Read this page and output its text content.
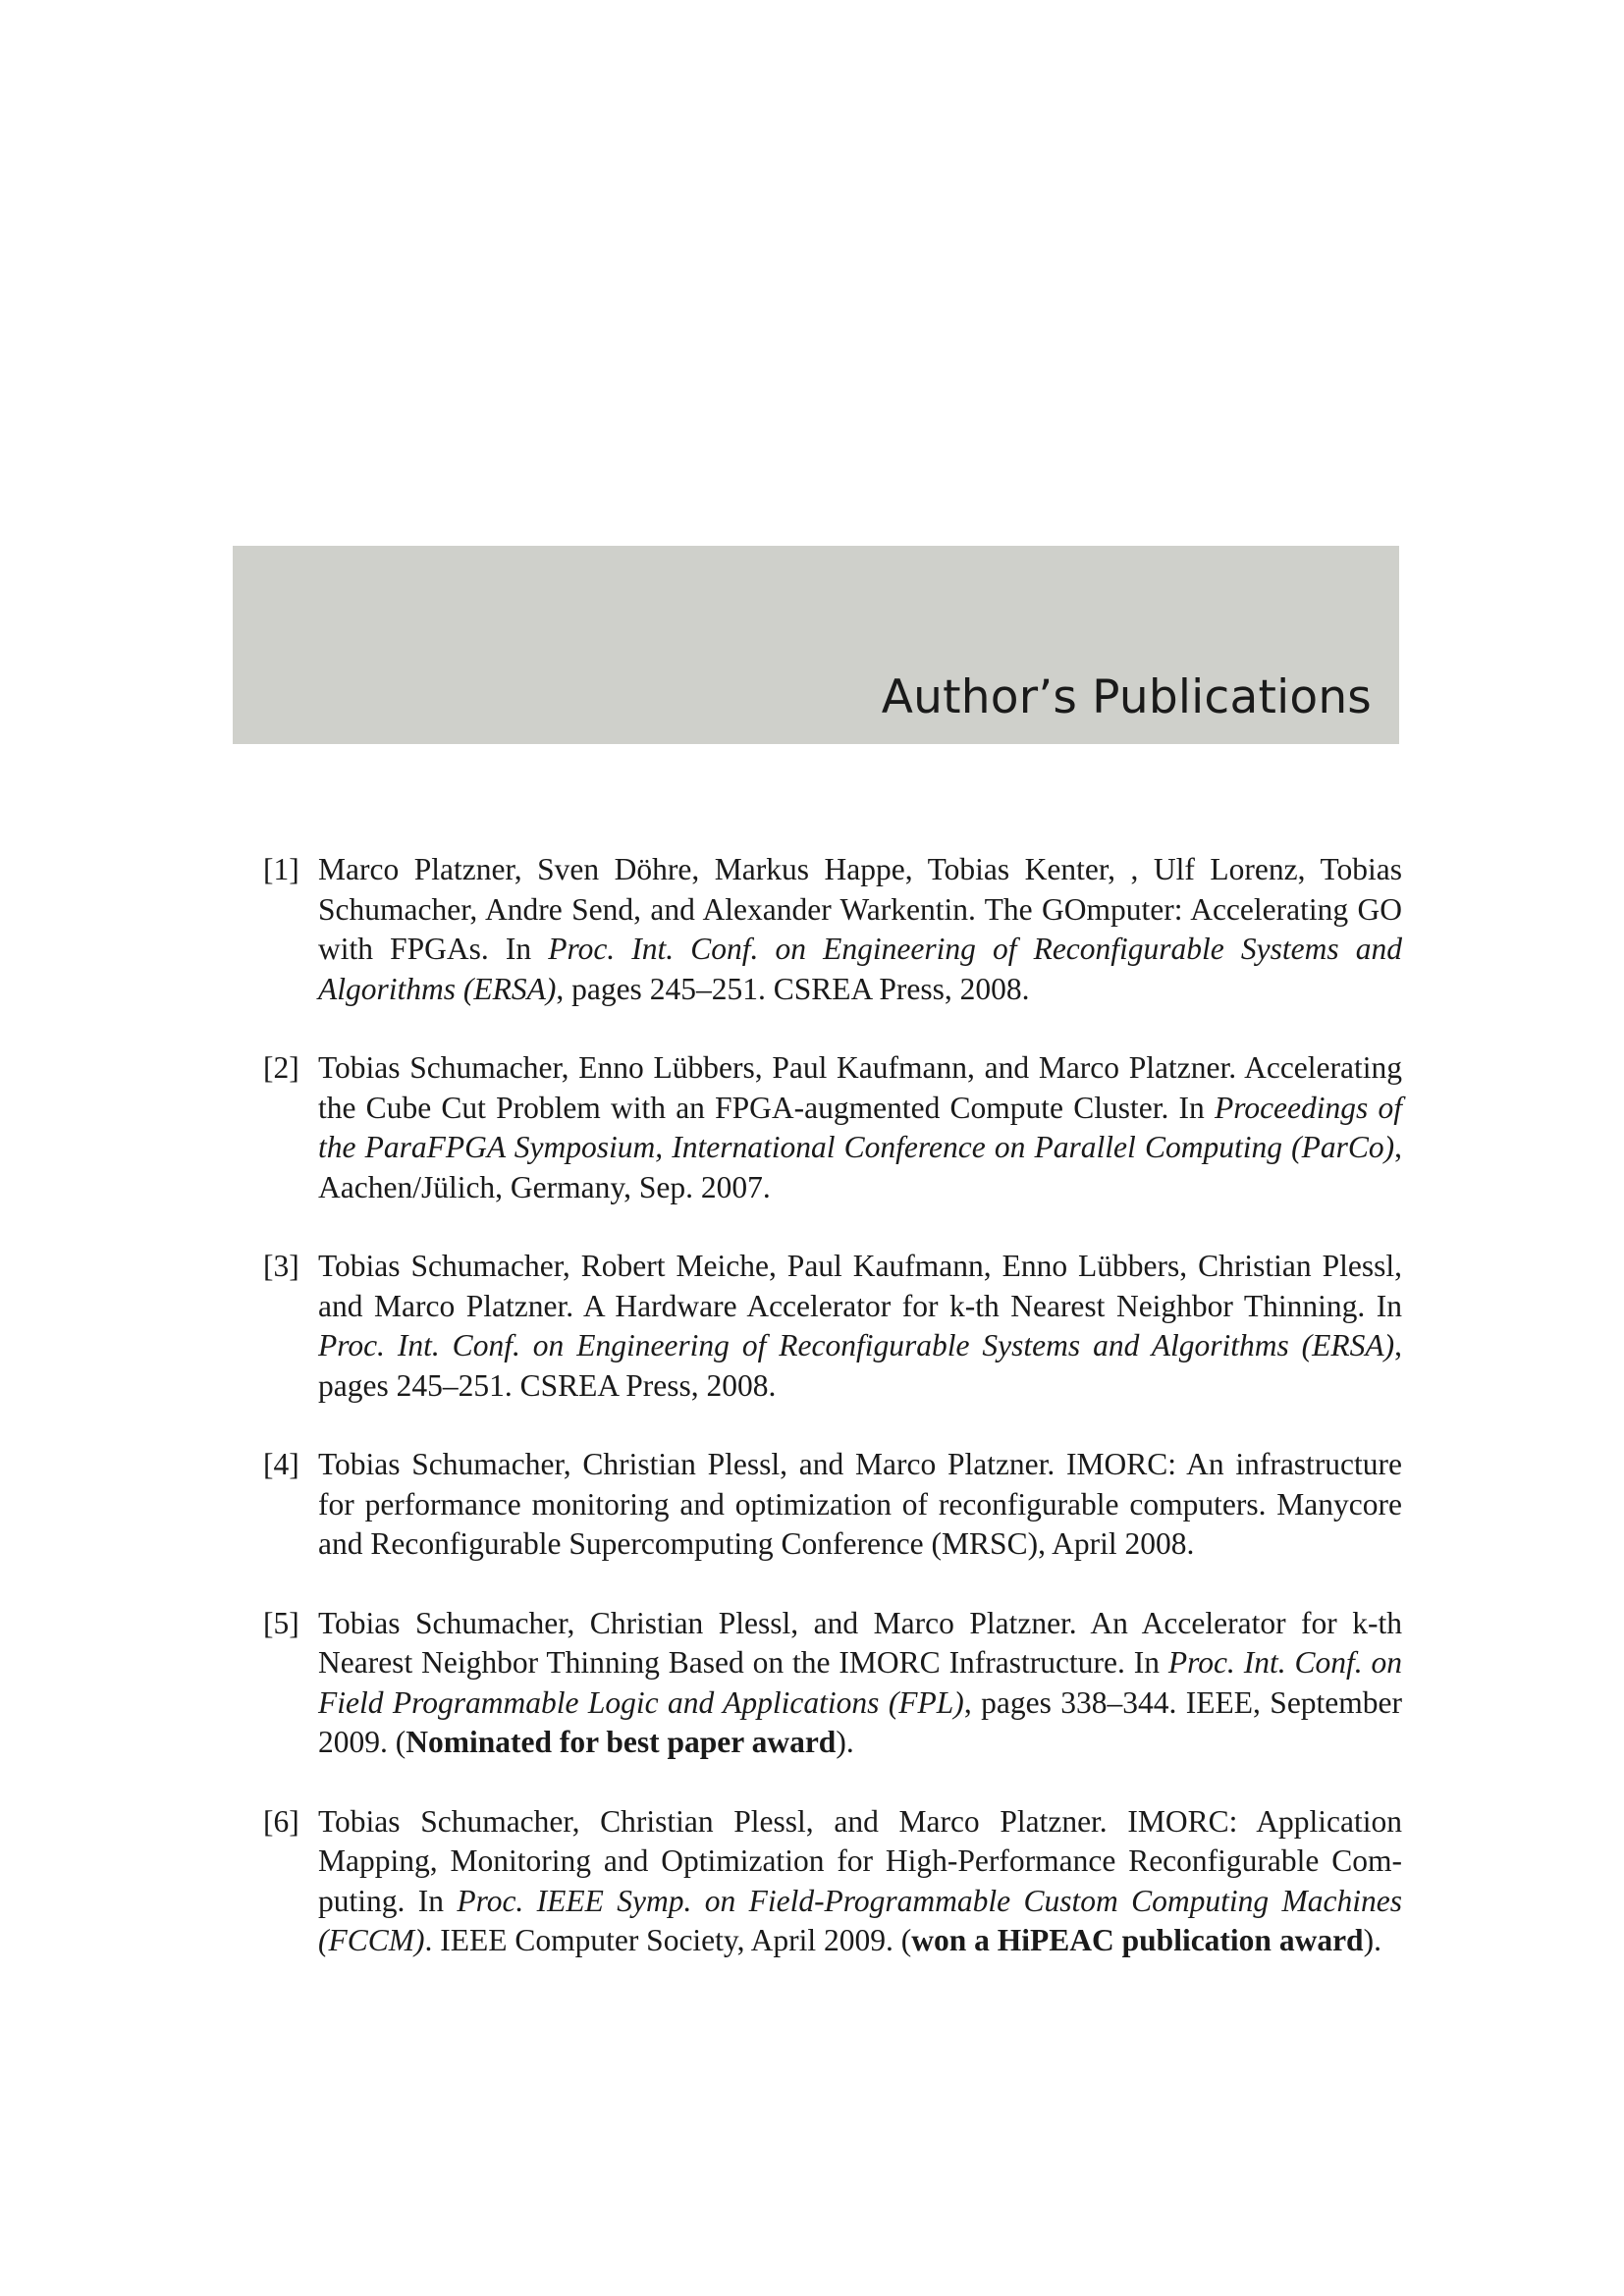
Author’s Publications
[1] Marco Platzner, Sven Döhre, Markus Happe, Tobias Kenter, , Ulf Lorenz, Tobias Schumacher, Andre Send, and Alexander Warkentin. The GOmputer: Accelerating GO with FPGAs. In Proc. Int. Conf. on Engineering of Reconfigurable Systems and Algorithms (ERSA), pages 245–251. CSREA Press, 2008.
[2] Tobias Schumacher, Enno Lübbers, Paul Kaufmann, and Marco Platzner. Accelerating the Cube Cut Problem with an FPGA-augmented Compute Cluster. In Proceedings of the ParaFPGA Symposium, International Conference on Parallel Computing (ParCo), Aachen/Jülich, Germany, Sep. 2007.
[3] Tobias Schumacher, Robert Meiche, Paul Kaufmann, Enno Lübbers, Christian Plessl, and Marco Platzner. A Hardware Accelerator for k-th Nearest Neighbor Thinning. In Proc. Int. Conf. on Engineering of Reconfigurable Systems and Algorithms (ERSA), pages 245–251. CSREA Press, 2008.
[4] Tobias Schumacher, Christian Plessl, and Marco Platzner. IMORC: An infrastructure for performance monitoring and optimization of reconfigurable computers. Manycore and Reconfigurable Supercomputing Conference (MRSC), April 2008.
[5] Tobias Schumacher, Christian Plessl, and Marco Platzner. An Accelerator for k-th Nearest Neighbor Thinning Based on the IMORC Infrastructure. In Proc. Int. Conf. on Field Programmable Logic and Applications (FPL), pages 338–344. IEEE, September 2009. (Nominated for best paper award).
[6] Tobias Schumacher, Christian Plessl, and Marco Platzner. IMORC: Application Mapping, Monitoring and Optimization for High-Performance Reconfigurable Computing. In Proc. IEEE Symp. on Field-Programmable Custom Computing Machines (FCCM). IEEE Computer Society, April 2009. (won a HiPEAC publication award).
